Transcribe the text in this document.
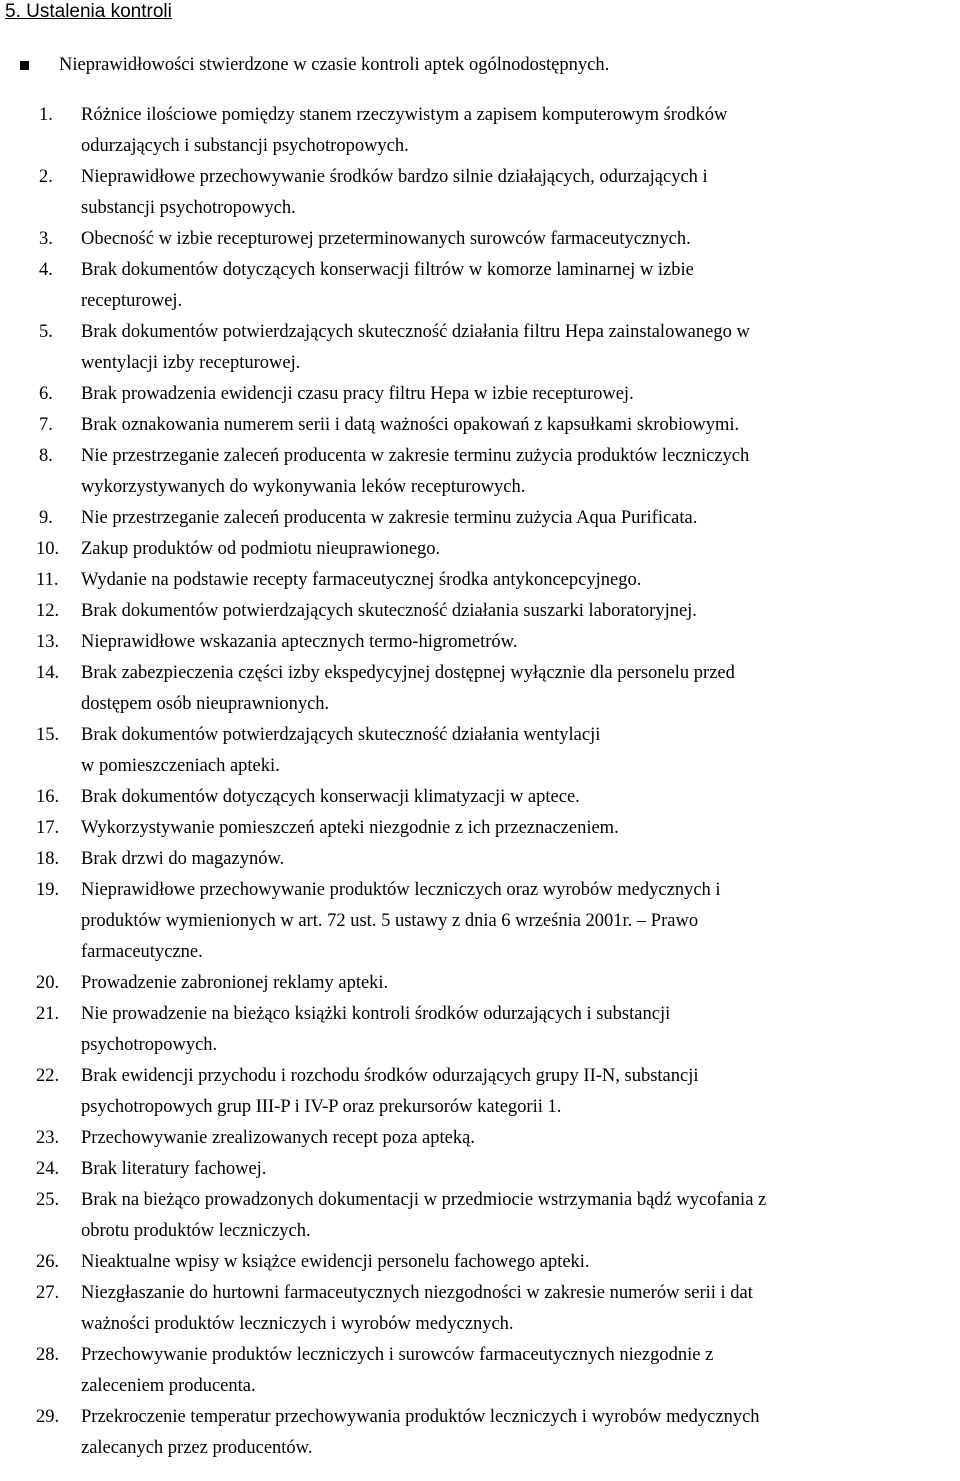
5. Ustalenia kontroli
Nieprawidłowości stwierdzone w czasie kontroli aptek ogólnodostępnych.
1. Różnice ilościowe pomiędzy stanem rzeczywistym a zapisem komputerowym środków
odurzających i substancji psychotropowych.
2. Nieprawidłowe przechowywanie środków bardzo silnie działających, odurzających i
substancji psychotropowych.
3. Obecność w izbie recepturowej przeterminowanych surowców farmaceutycznych.
4. Brak dokumentów dotyczących konserwacji filtrów w komorze laminarnej w izbie
recepturowej.
5. Brak dokumentów potwierdzających skuteczność działania filtru Hepa zainstalowanego w
wentylacji izby recepturowej.
6. Brak prowadzenia ewidencji czasu pracy filtru Hepa w izbie recepturowej.
7. Brak oznakowania numerem serii i datą ważności opakowań z kapsułkami skrobiowymi.
8. Nie przestrzeganie zaleceń producenta w zakresie terminu zużycia produktów leczniczych
wykorzystywanych do wykonywania leków recepturowych.
9. Nie przestrzeganie zaleceń producenta w zakresie terminu zużycia Aqua Purificata.
10. Zakup produktów od podmiotu nieuprawionego.
11. Wydanie na podstawie recepty farmaceutycznej środka antykoncepcyjnego.
12. Brak dokumentów potwierdzających skuteczność działania suszarki laboratoryjnej.
13. Nieprawidłowe wskazania aptecznych termo-higrometrów.
14. Brak zabezpieczenia części izby ekspedycyjnej dostępnej wyłącznie dla personelu przed
dostępem osób nieuprawnionych.
15. Brak dokumentów potwierdzających skuteczność działania wentylacji
w pomieszczeniach apteki.
16. Brak dokumentów dotyczących konserwacji klimatyzacji w aptece.
17. Wykorzystywanie pomieszczeń apteki niezgodnie z ich przeznaczeniem.
18. Brak drzwi do magazynów.
19. Nieprawidłowe przechowywanie produktów leczniczych oraz wyrobów medycznych i
produktów wymienionych w art. 72 ust. 5 ustawy z dnia 6 września 2001r. – Prawo
farmaceutyczne.
20. Prowadzenie zabronionej reklamy apteki.
21. Nie prowadzenie na bieżąco książki kontroli środków odurzających i substancji
psychotropowych.
22. Brak ewidencji przychodu i rozchodu środków odurzających grupy II-N, substancji
psychotropowych grup III-P i IV-P oraz prekursorów kategorii 1.
23. Przechowywanie zrealizowanych recept poza apteką.
24. Brak literatury fachowej.
25. Brak na bieżąco prowadzonych dokumentacji w przedmiocie wstrzymania bądź wycofania z
obrotu produktów leczniczych.
26. Nieaktualne wpisy w książce ewidencji personelu fachowego apteki.
27. Niezgłaszanie do hurtowni farmaceutycznych niezgodności w zakresie numerów serii i dat
ważności produktów leczniczych i wyrobów medycznych.
28. Przechowywanie produktów leczniczych i surowców farmaceutycznych niezgodnie z
zaleceniem producenta.
29. Przekroczenie temperatur przechowywania produktów leczniczych i wyrobów medycznych
zalecanych przez producentów.
